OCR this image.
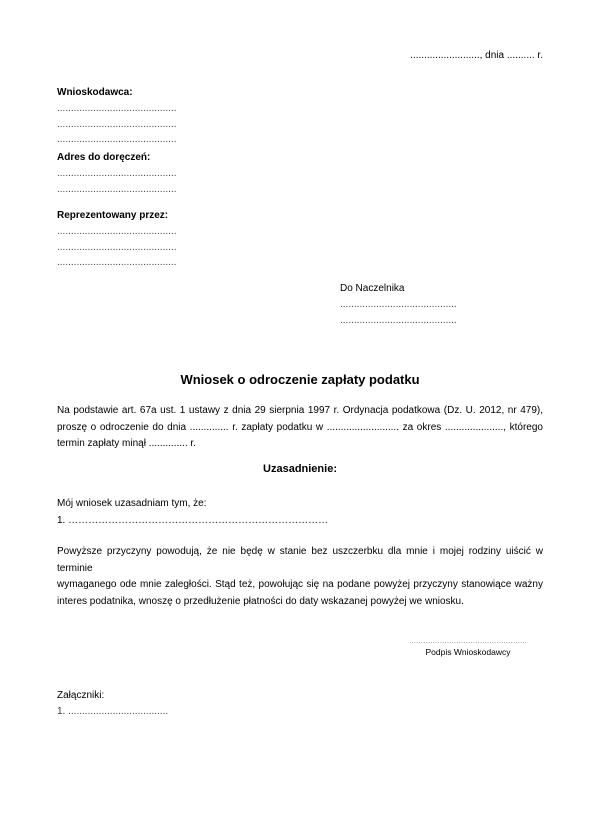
........................., dnia .......... r.
Wnioskodawca:
...........................................
...........................................
...........................................
Adres do doręczeń:
...........................................
...........................................
Reprezentowany przez:
...........................................
...........................................
...........................................
Do Naczelnika
..........................................
..........................................
Wniosek o odroczenie zapłaty podatku
Na podstawie art. 67a ust. 1 ustawy z dnia 29 sierpnia 1997 r. Ordynacja podatkowa (Dz. U. 2012, nr 479),
proszę o odroczenie do dnia .............. r. zapłaty podatku w .......................... za okres ....................., którego
termin zapłaty minął .............. r.
Uzasadnienie:
Mój wniosek uzasadniam tym, że:
1. ……………………………………………………………………
Powyższe przyczyny powodują, że nie będę w stanie bez uszczerbku dla mnie i mojej rodziny uiścić w terminie
wymaganego ode mnie zaległości. Stąd też, powołując się na podane powyżej przyczyny stanowiące ważny
interes podatnika, wnoszę o przedłużenie płatności do daty wskazanej powyżej we wniosku.
..................................................
Podpis Wnioskodawcy
Załączniki:
1. ....................................
